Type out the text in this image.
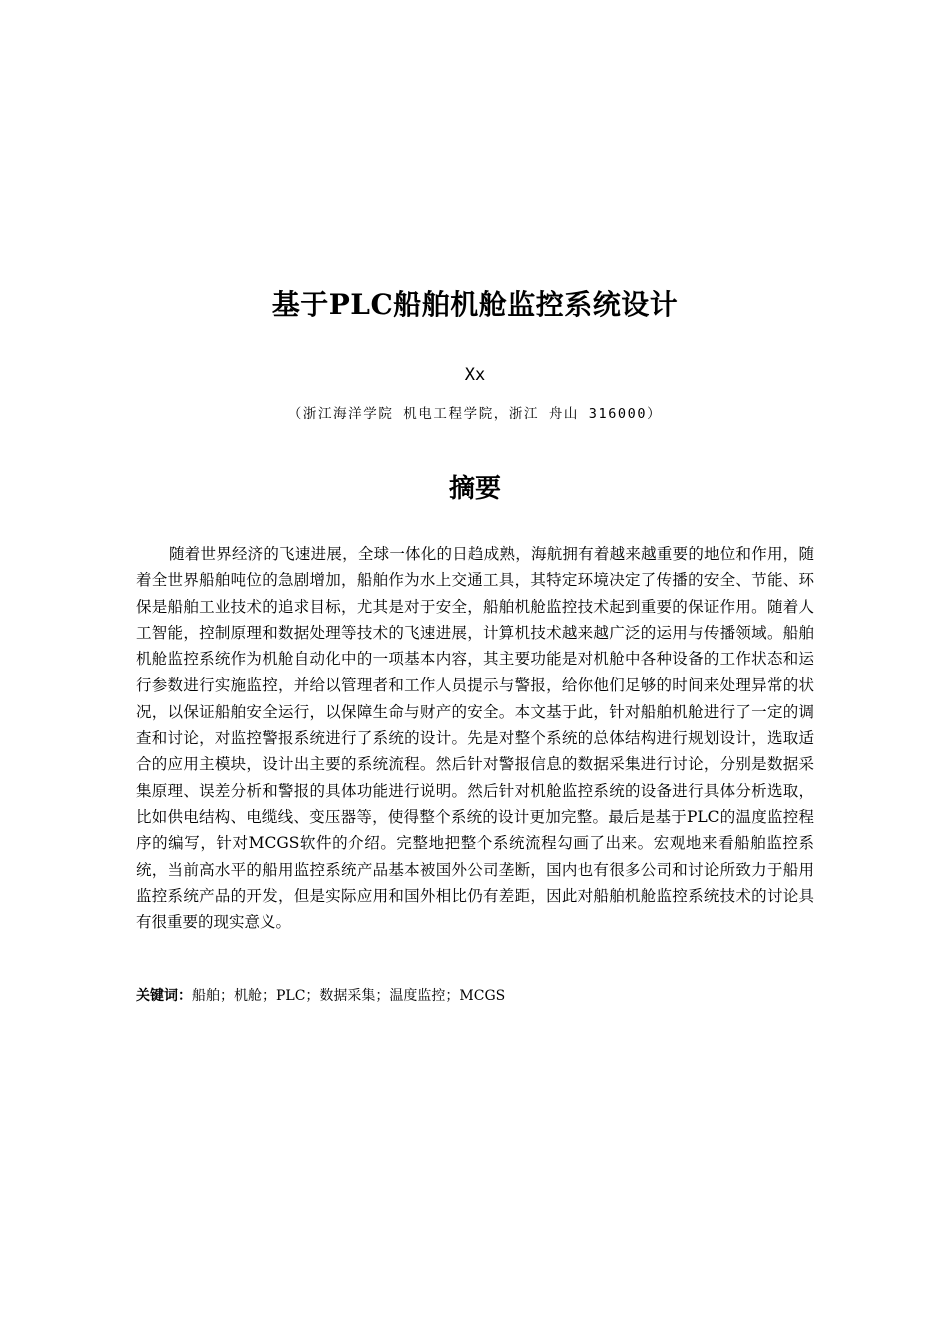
基于PLC船舶机舱监控系统设计
Xx
（浙江海洋学院 机电工程学院，浙江 舟山 316000）
摘要

随着世界经济的飞速进展，全球一体化的日趋成熟，海航拥有着越来越重要的地位和作用，随着全世界船舶吨位的急剧增加，船舶作为水上交通工具，其特定环境决定了传播的安全、节能、环保是船舶工业技术的追求目标，尤其是对于安全，船舶机舱监控技术起到重要的保证作用。随着人工智能，控制原理和数据处理等技术的飞速进展，计算机技术越来越广泛的运用与传播领域。船舶机舱监控系统作为机舱自动化中的一项基本内容，其主要功能是对机舱中各种设备的工作状态和运行参数进行实施监控，并给以管理者和工作人员提示与警报，给你他们足够的时间来处理异常的状况，以保证船舶安全运行，以保障生命与财产的安全。本文基于此，针对船舶机舱进行了一定的调查和讨论，对监控警报系统进行了系统的设计。先是对整个系统的总体结构进行规划设计，选取适合的应用主模块，设计出主要的系统流程。然后针对警报信息的数据采集进行讨论，分别是数据采集原理、误差分析和警报的具体功能进行说明。然后针对机舱监控系统的设备进行具体分析选取，比如供电结构、电缆线、变压器等，使得整个系统的设计更加完整。最后是基于PLC的温度监控程序的编写，针对MCGS软件的介绍。完整地把整个系统流程勾画了出来。宏观地来看船舶监控系统，当前高水平的船用监控系统产品基本被国外公司垄断，国内也有很多公司和讨论所致力于船用监控系统产品的开发，但是实际应用和国外相比仍有差距，因此对船舶机舱监控系统技术的讨论具有很重要的现实意义。

关键词：船舶；机舱；PLC；数据采集；温度监控；MCGS
